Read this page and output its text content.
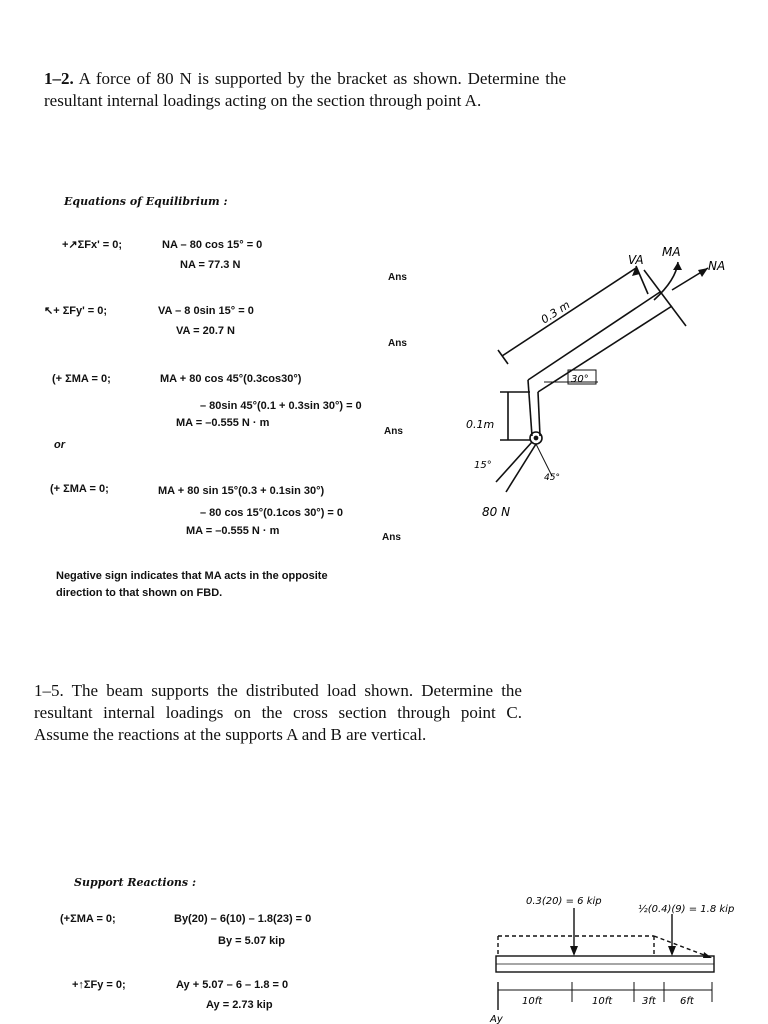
1–2. A force of 80 N is supported by the bracket as shown. Determine the resultant internal loadings acting on the section through point A.
Equations of Equilibrium :
+↗ΣFx' = 0;	NA – 80 cos 15° = 0
NA = 77.3 N
Ans
↖+ ΣFy' = 0;	VA – 8 0sin 15° = 0
VA = 20.7 N
Ans
(+ ΣMA = 0;	MA + 80 cos 45°(0.3cos30°)
– 80sin 45°(0.1 + 0.3sin 30°) = 0
MA = –0.555 N · m
Ans
or
(+ ΣMA = 0;	MA + 80 sin 15°(0.3 + 0.1sin 30°)
– 80 cos 15°(0.1cos 30°) = 0
MA = –0.555 N · m
Ans
Negative sign indicates that MA acts in the opposite
direction to that shown on FBD.
VA
MA
NA
0.3 m
30°
0.1m
15°
45°
80 N
1–5. The beam supports the distributed load shown. Determine the resultant internal loadings on the cross section through point C. Assume the reactions at the supports A and B are vertical.
Support Reactions :
(+ΣMA = 0;	By(20) – 6(10) – 1.8(23) = 0
By = 5.07 kip
+↑ΣFy = 0;	Ay + 5.07 – 6 – 1.8 = 0
Ay = 2.73 kip
0.3(20) = 6 kip
½(0.4)(9) = 1.8 kip
10ft	10ft	3ft 6ft
Ay
